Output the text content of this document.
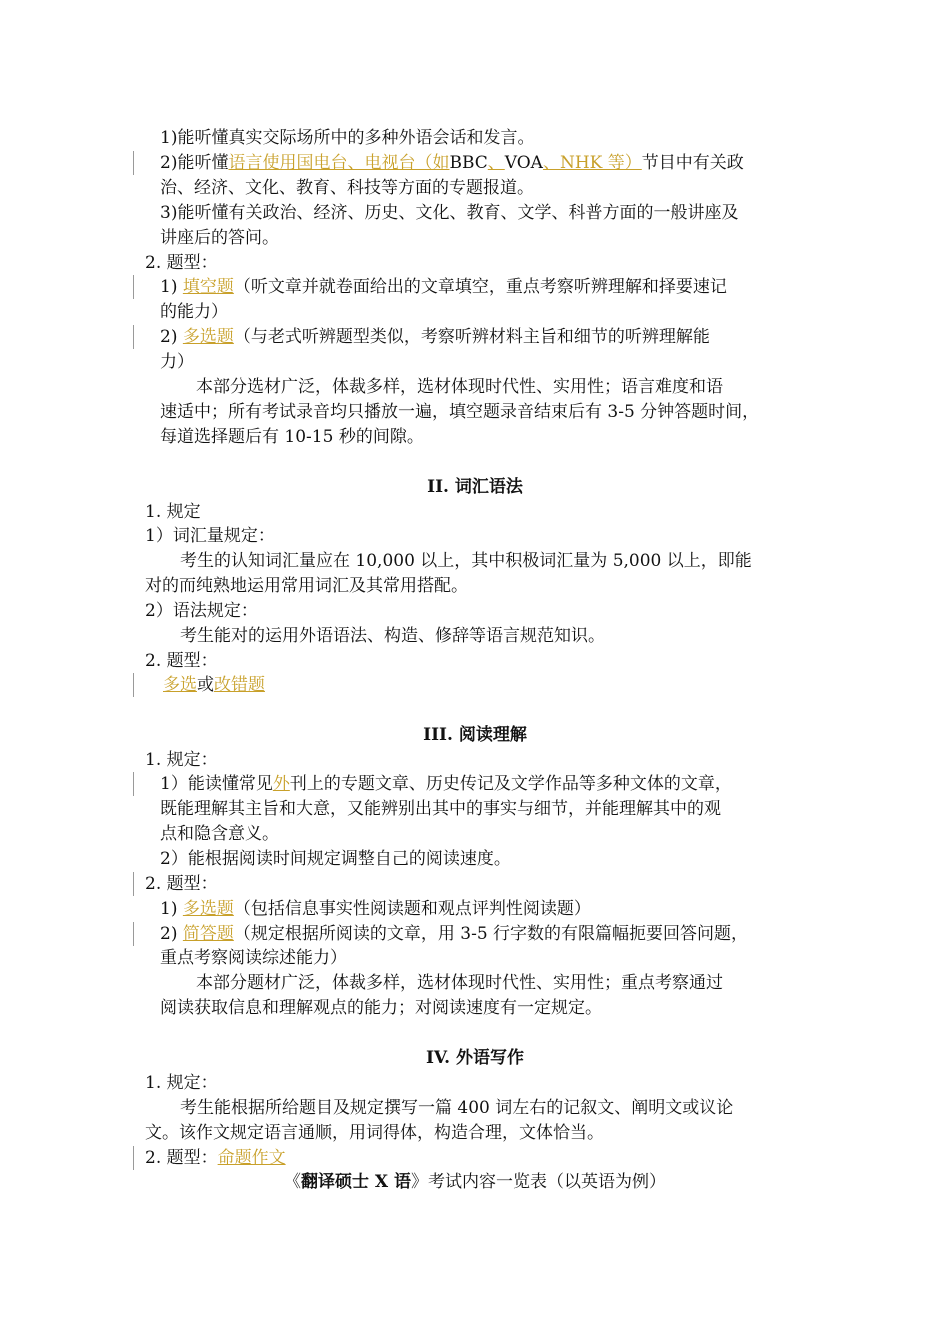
1)能听懂真实交际场所中的多种外语会话和发言。
2)能听懂语言使用国电台、电视台（如BBC、VOA、NHK 等）节目中有关政
治、经济、文化、教育、科技等方面的专题报道。
3)能听懂有关政治、经济、历史、文化、教育、文学、科普方面的一般讲座及
讲座后的答问。
2. 题型：
1) 填空题（听文章并就卷面给出的文章填空，重点考察听辨理解和择要速记
的能力）
2) 多选题（与老式听辨题型类似，考察听辨材料主旨和细节的听辨理解能
力）
本部分选材广泛，体裁多样，选材体现时代性、实用性；语言难度和语
速适中；所有考试录音均只播放一遍，填空题录音结束后有 3-5 分钟答题时间，
每道选择题后有 10-15 秒的间隙。
II. 词汇语法
1. 规定
1）词汇量规定：
考生的认知词汇量应在 10,000 以上，其中积极词汇量为 5,000 以上，即能
对的而纯熟地运用常用词汇及其常用搭配。
2）语法规定：
考生能对的运用外语语法、构造、修辞等语言规范知识。
2. 题型：
多选或改错题
III. 阅读理解
1. 规定：
1）能读懂常见外刊上的专题文章、历史传记及文学作品等多种文体的文章，
既能理解其主旨和大意，又能辨别出其中的事实与细节，并能理解其中的观
点和隐含意义。
2）能根据阅读时间规定调整自己的阅读速度。
2. 题型：
1) 多选题（包括信息事实性阅读题和观点评判性阅读题）
2) 简答题（规定根据所阅读的文章，用 3-5 行字数的有限篇幅扼要回答问题，
重点考察阅读综述能力）
本部分题材广泛，体裁多样，选材体现时代性、实用性；重点考察通过
阅读获取信息和理解观点的能力；对阅读速度有一定规定。
IV. 外语写作
1. 规定：
考生能根据所给题目及规定撰写一篇 400 词左右的记叙文、阐明文或议论
文。该作文规定语言通顺，用词得体，构造合理，文体恰当。
2. 题型：命题作文
《翻译硕士 X 语》考试内容一览表（以英语为例）
